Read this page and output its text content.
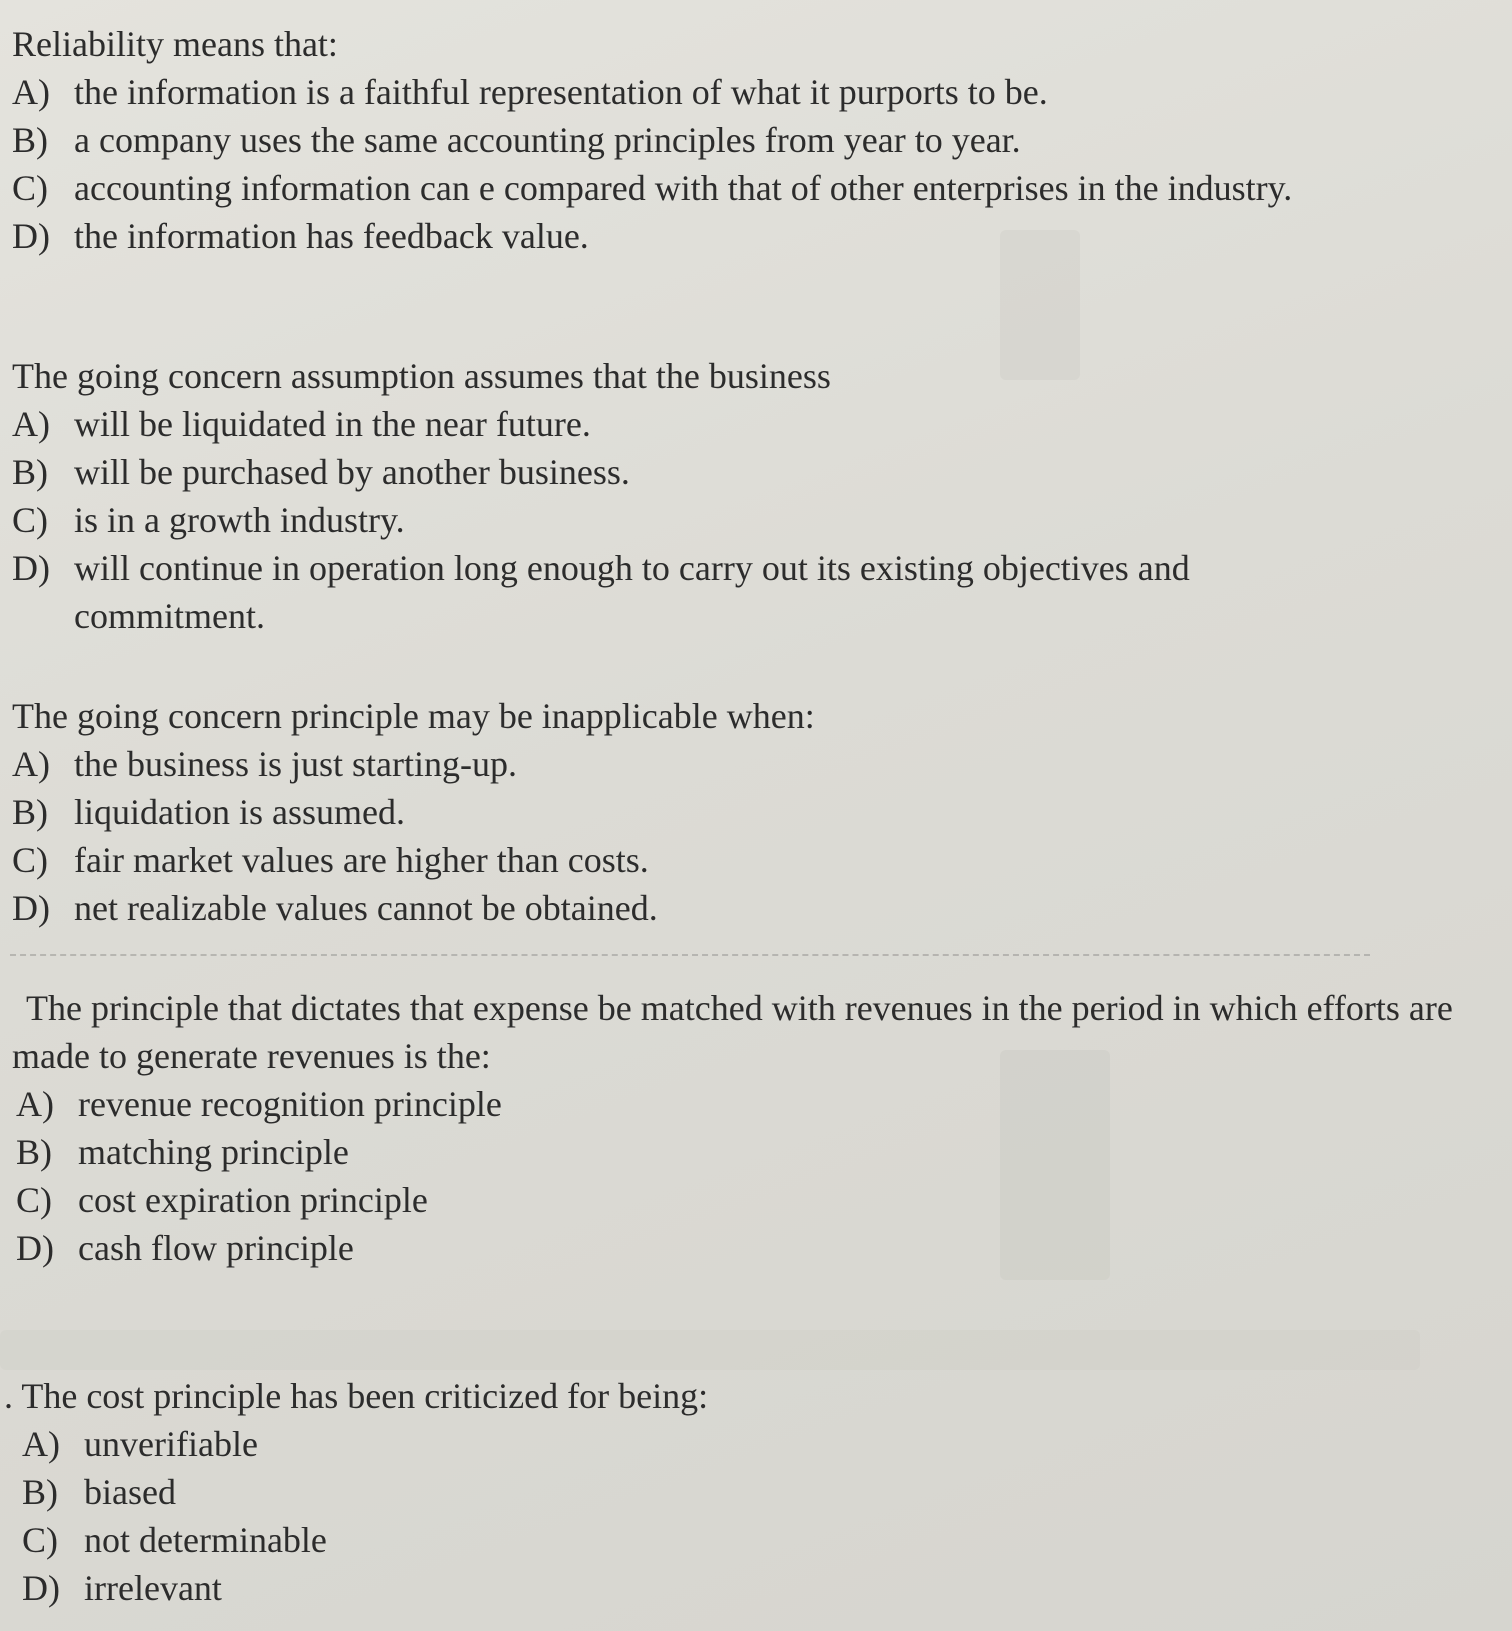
Reliability means that:
A) the information is a faithful representation of what it purports to be.
B) a company uses the same accounting principles from year to year.
C) accounting information can e compared with that of other enterprises in the industry.
D) the information has feedback value.
The going concern assumption assumes that the business
A) will be liquidated in the near future.
B) will be purchased by another business.
C) is in a growth industry.
D) will continue in operation long enough to carry out its existing objectives and commitment.
The going concern principle may be inapplicable when:
A) the business is just starting-up.
B) liquidation is assumed.
C) fair market values are higher than costs.
D) net realizable values cannot be obtained.
The principle that dictates that expense be matched with revenues in the period in which efforts are made to generate revenues is the:
A) revenue recognition principle
B) matching principle
C) cost expiration principle
D) cash flow principle
. The cost principle has been criticized for being:
A) unverifiable
B) biased
C) not determinable
D) irrelevant
